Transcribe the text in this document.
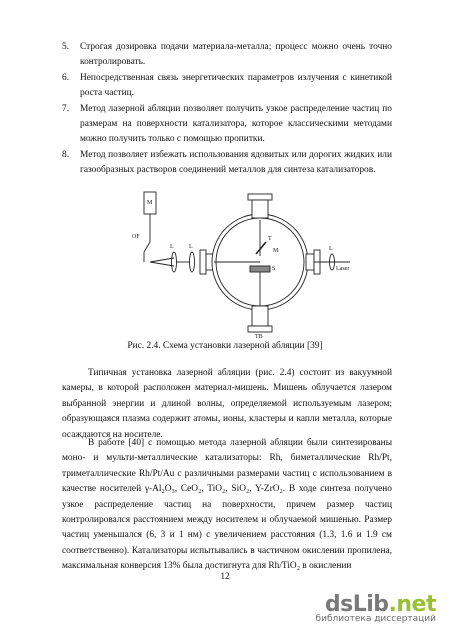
5. Строгая дозировка подачи материала-металла; процесс можно очень точно контролировать.
6. Непосредственная связь энергетических параметров излучения с кинетикой роста частиц.
7. Метод лазерной абляции позволяет получить узкое распределение частиц по размерам на поверхности катализатора, которое классическими методами можно получить только с помощью пропитки.
8. Метод позволяет избежать использования ядовитых или дорогих жидких или газообразных растворов соединений металлов для синтеза катализаторов.
M
OF
L	L
T
M
S
L
Laser
TB
Рис. 2.4. Схема установки лазерной абляции [39]

Типичная установка лазерной абляции (рис. 2.4) состоит из вакуумной камеры, в которой расположен материал-мишень. Мишень облучается лазером выбранной энергии и длиной волны, определяемой используемым лазером; образующаяся плазма содержит атомы, ионы, кластеры и капли металла, которые осаждаются на носителе.

В работе [40] с помощью метода лазерной абляции были синтезированы моно- и мульти-металлические катализаторы: Rh, биметаллические Rh/Pt, триметаллические Rh/Pt/Au с различными размерами частиц с использованием в качестве носителей γ-Al₂O₃, CeO₂, TiO₂, SiO₂, Y-ZrO₂. В ходе синтеза получено узкое распределение частиц на поверхности, причем размер частиц контролировался расстоянием между носителем и облучаемой мишенью. Размер частиц уменьшался (6, 3 и 1 нм) с увеличением расстояния (1.3, 1.6 и 1.9 см соответственно). Катализаторы испытывались в частичном окислении пропилена, максимальная конверсия 13% была достигнута для Rh/TiO₂ в окислении

12
dsLib.net
библиотека диссертаций
